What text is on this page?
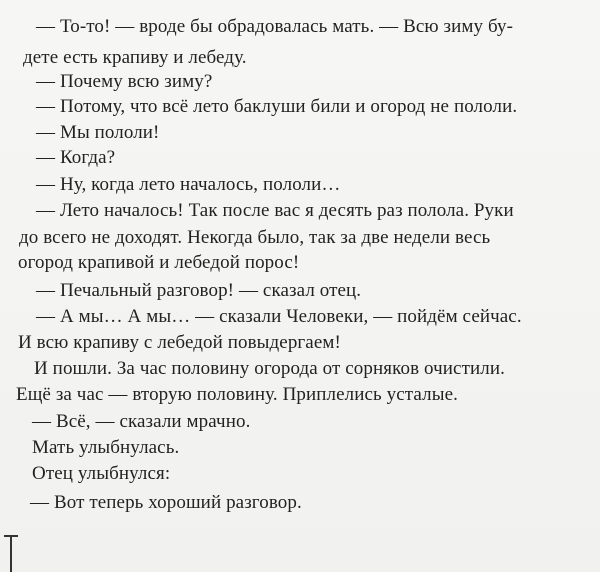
— То-то! — вроде бы обрадовалась мать. — Всю зиму бу-
дете есть крапиву и лебеду.
— Почему всю зиму?
— Потому, что всё лето баклуши били и огород не пололи.
— Мы пололи!
— Когда?
— Ну, когда лето началось, пололи…
— Лето началось! Так после вас я десять раз полола. Руки
до всего не доходят. Некогда было, так за две недели весь
огород крапивой и лебедой порос!
— Печальный разговор! — сказал отец.
— А мы… А мы… — сказали Человеки, — пойдём сейчас.
И всю крапиву с лебедой повыдергаем!
И пошли. За час половину огорода от сорняков очистили.
Ещё за час — вторую половину. Приплелись усталые.
— Всё, — сказали мрачно.
Мать улыбнулась.
Отец улыбнулся:
— Вот теперь хороший разговор.
